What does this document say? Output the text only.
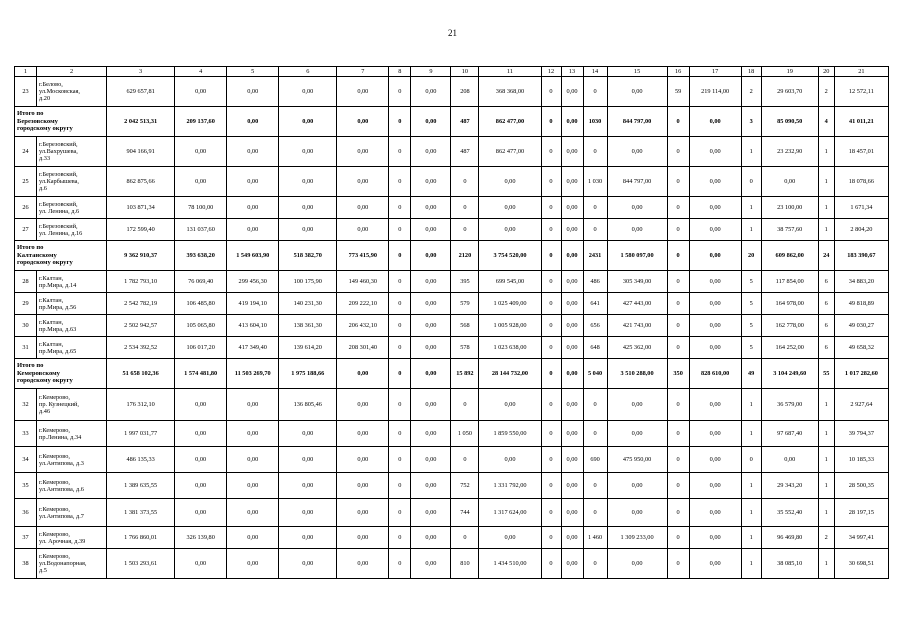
21
1	2	3	4	5	6	7	8	9	10	11	12	13	14	15	16	17	18	19	20	21
23	г.Белово,
ул.Московская,
д.20	629 657,81	0,00	0,00	0,00	0,00	0	0,00	208	368 368,00	0	0,00	0	0,00	59	219 114,00	2	29 603,70	2	12 572,11
Итого по
Березовскому
городскому округу		2 042 513,31	209 137,60	0,00	0,00	0,00	0	0,00	487	862 477,00	0	0,00	1030	844 797,00	0	0,00	3	85 090,50	4	41 011,21
24	г.Березовский,
ул.Вахрушева,
д.33	904 166,91	0,00	0,00	0,00	0,00	0	0,00	487	862 477,00	0	0,00	0	0,00	0	0,00	1	23 232,90	1	18 457,01
25	г.Березовский,
ул.Карбышева,
д.6	862 875,66	0,00	0,00	0,00	0,00	0	0,00	0	0,00	0	0,00	1 030	844 797,00	0	0,00	0	0,00	1	18 078,66
26	г.Березовский,
ул. Ленина, д.6	103 871,34	78 100,00	0,00	0,00	0,00	0	0,00	0	0,00	0	0,00	0	0,00	0	0,00	1	23 100,00	1	1 671,34
27	г.Березовский,
ул. Ленина, д.16	172 599,40	131 037,60	0,00	0,00	0,00	0	0,00	0	0,00	0	0,00	0	0,00	0	0,00	1	38 757,60	1	2 804,20
Итого по
Калтанскому
городскому округу		9 362 910,37	393 638,20	1 549 603,90	518 382,70	773 415,90	0	0,00	2120	3 754 520,00	0	0,00	2431	1 580 097,00	0	0,00	20	609 862,00	24	183 390,67
28	г.Калтан,
пр.Мира, д.14	1 782 793,10	76 069,40	299 456,30	100 175,90	149 460,30	0	0,00	395	699 545,00	0	0,00	486	305 349,00	0	0,00	5	117 854,00	6	34 883,20
29	г.Калтан,
пр.Мира, д.56	2 542 782,19	106 485,80	419 194,10	140 231,30	209 222,10	0	0,00	579	1 025 409,00	0	0,00	641	427 443,00	0	0,00	5	164 978,00	6	49 818,89
30	г.Калтан,
пр.Мира, д.63	2 502 942,57	105 065,80	413 604,10	138 361,30	206 432,10	0	0,00	568	1 005 928,00	0	0,00	656	421 743,00	0	0,00	5	162 778,00	6	49 030,27
31	г.Калтан,
пр.Мира, д.65	2 534 392,52	106 017,20	417 349,40	139 614,20	208 301,40	0	0,00	578	1 023 638,00	0	0,00	648	425 362,00	0	0,00	5	164 252,00	6	49 658,32
Итого по
Кемеровскому
городскому округу		51 658 102,36	1 574 481,80	11 503 269,70	1 975 188,66	0,00	0	0,00	15 892	28 144 732,00	0	0,00	5 040	3 510 288,00	350	828 610,00	49	3 104 249,60	55	1 017 282,60
32	г.Кемерово,
пр. Кузнецкий,
д.46	176 312,10	0,00	0,00	136 805,46	0,00	0	0,00	0	0,00	0	0,00	0	0,00	0	0,00	1	36 579,00	1	2 927,64
33	г.Кемерово,
пр.Ленина, д.34	1 997 031,77	0,00	0,00	0,00	0,00	0	0,00	1 050	1 859 550,00	0	0,00	0	0,00	0	0,00	1	97 687,40	1	39 794,37
34	г.Кемерово,
ул.Антипова, д.3	486 135,33	0,00	0,00	0,00	0,00	0	0,00	0	0,00	0	0,00	690	475 950,00	0	0,00	0	0,00	1	10 185,33
35	г.Кемерово,
ул.Антипова, д.6	1 389 635,55	0,00	0,00	0,00	0,00	0	0,00	752	1 331 792,00	0	0,00	0	0,00	0	0,00	1	29 343,20	1	28 500,35
36	г.Кемерово,
ул.Антипова, д.7	1 381 373,55	0,00	0,00	0,00	0,00	0	0,00	744	1 317 624,00	0	0,00	0	0,00	0	0,00	1	35 552,40	1	28 197,15
37	г.Кемерово,
ул. Арочная, д.39	1 766 860,01	326 139,80	0,00	0,00	0,00	0	0,00	0	0,00	0	0,00	1 460	1 309 233,00	0	0,00	1	96 469,80	2	34 997,41
38	г.Кемерово,
ул.Водонапорная,
д.5	1 503 293,61	0,00	0,00	0,00	0,00	0	0,00	810	1 434 510,00	0	0,00	0	0,00	0	0,00	1	38 085,10	1	30 698,51
